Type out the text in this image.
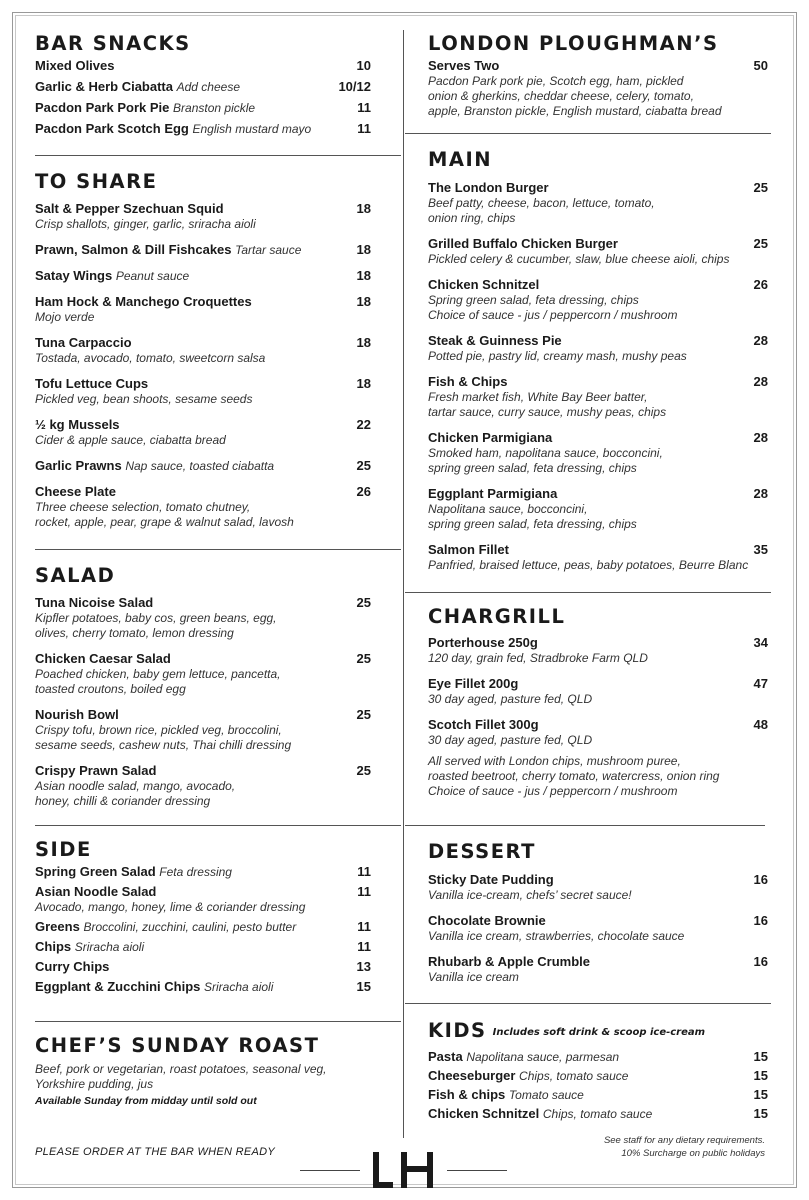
BAR SNACKS
Mixed Olives	10
Garlic & Herb Ciabatta Add cheese	10/12
Pacdon Park Pork Pie Branston pickle	11
Pacdon Park Scotch Egg English mustard mayo	11
TO SHARE
Salt & Pepper Szechuan Squid	18
Crisp shallots, ginger, garlic, sriracha aioli
Prawn, Salmon & Dill Fishcakes Tartar sauce	18
Satay Wings Peanut sauce	18
Ham Hock & Manchego Croquettes	18
Mojo verde
Tuna Carpaccio	18
Tostada, avocado, tomato, sweetcorn salsa
Tofu Lettuce Cups	18
Pickled veg, bean shoots, sesame seeds
½ kg Mussels	22
Cider & apple sauce, ciabatta bread
Garlic Prawns Nap sauce, toasted ciabatta	25
Cheese Plate	26
Three cheese selection, tomato chutney,
rocket, apple, pear, grape & walnut salad, lavosh
SALAD
Tuna Nicoise Salad	25
Kipfler potatoes, baby cos, green beans, egg,
olives, cherry tomato, lemon dressing
Chicken Caesar Salad	25
Poached chicken, baby gem lettuce, pancetta,
toasted croutons, boiled egg
Nourish Bowl	25
Crispy tofu, brown rice, pickled veg, broccolini,
sesame seeds, cashew nuts, Thai chilli dressing
Crispy Prawn Salad	25
Asian noodle salad, mango, avocado,
honey, chilli & coriander dressing
SIDE
Spring Green Salad Feta dressing	11
Asian Noodle Salad	11
Avocado, mango, honey, lime & coriander dressing
Greens Broccolini, zucchini, caulini, pesto butter	11
Chips Sriracha aioli	11
Curry Chips	13
Eggplant & Zucchini Chips Sriracha aioli	15
CHEF’S SUNDAY ROAST
Beef, pork or vegetarian, roast potatoes, seasonal veg,
Yorkshire pudding, jus
Available Sunday from midday until sold out
LONDON PLOUGHMAN’S
Serves Two	50
Pacdon Park pork pie, Scotch egg, ham, pickled
onion & gherkins, cheddar cheese, celery, tomato,
apple, Branston pickle, English mustard, ciabatta bread
MAIN
The London Burger	25
Beef patty, cheese, bacon, lettuce, tomato,
onion ring, chips
Grilled Buffalo Chicken Burger	25
Pickled celery & cucumber, slaw, blue cheese aioli, chips
Chicken Schnitzel	26
Spring green salad, feta dressing, chips
Choice of sauce - jus / peppercorn / mushroom
Steak & Guinness Pie	28
Potted pie, pastry lid, creamy mash, mushy peas
Fish & Chips	28
Fresh market fish, White Bay Beer batter,
tartar sauce, curry sauce, mushy peas, chips
Chicken Parmigiana	28
Smoked ham, napolitana sauce, bocconcini,
spring green salad, feta dressing, chips
Eggplant Parmigiana	28
Napolitana sauce, bocconcini,
spring green salad, feta dressing, chips
Salmon Fillet	35
Panfried, braised lettuce, peas, baby potatoes, Beurre Blanc
CHARGRILL
Porterhouse 250g	34
120 day, grain fed, Stradbroke Farm QLD
Eye Fillet 200g	47
30 day aged, pasture fed, QLD
Scotch Fillet 300g	48
30 day aged, pasture fed, QLD
All served with London chips, mushroom puree,
roasted beetroot, cherry tomato, watercress, onion ring
Choice of sauce - jus / peppercorn / mushroom
DESSERT
Sticky Date Pudding	16
Vanilla ice-cream, chefs’ secret sauce!
Chocolate Brownie	16
Vanilla ice cream, strawberries, chocolate sauce
Rhubarb & Apple Crumble	16
Vanilla ice cream
KIDS Includes soft drink & scoop ice-cream
Pasta Napolitana sauce, parmesan	15
Cheeseburger Chips, tomato sauce	15
Fish & chips Tomato sauce	15
Chicken Schnitzel Chips, tomato sauce	15
PLEASE ORDER AT THE BAR WHEN READY
See staff for any dietary requirements.
10% Surcharge on public holidays
